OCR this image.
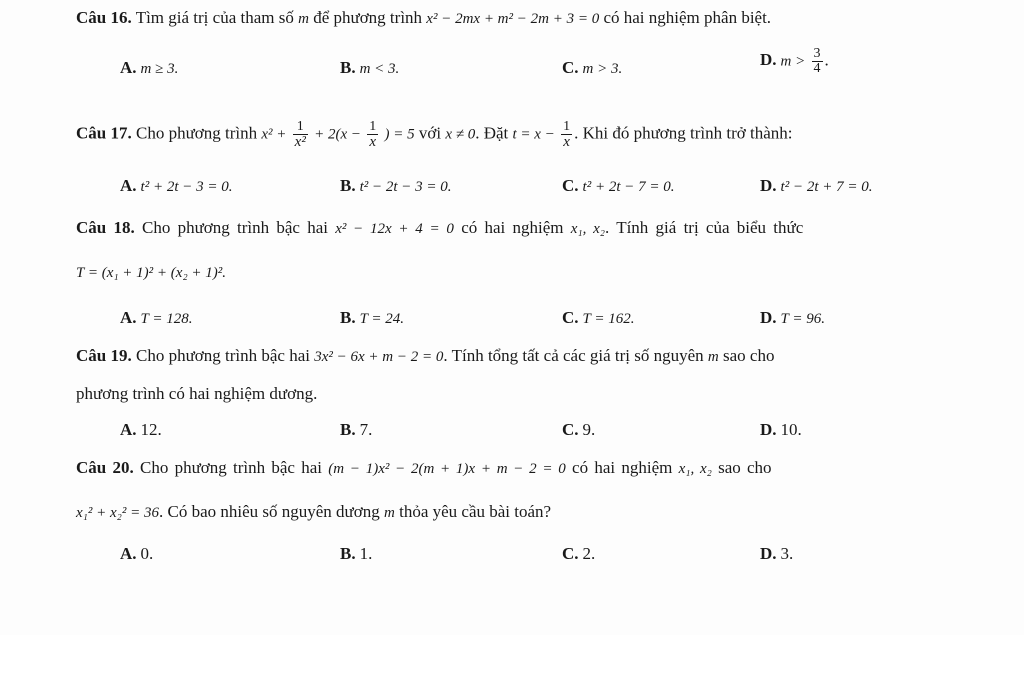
Câu 16. Tìm giá trị của tham số m để phương trình x² − 2mx + m² − 2m + 3 = 0 có hai nghiệm phân biệt.
A. m ≥ 3.	B. m < 3.	C. m > 3.	D. $m > \frac{3}{4}$ .
Câu 17. Cho phương trình $x^2 + \frac{1}{\text{x²}} + 2(x - \frac{1}{x}$ ) = 5 với x ≠ 0. Đặt $t = x - \frac{1}{x}$ . Khi đó phương trình trở thành:
A. t² + 2t − 3 = 0.	B. t² − 2t − 3 = 0.	C. t² + 2t − 7 = 0.	D. t² − 2t + 7 = 0.
Câu 18. Cho phương trình bậc hai x² − 12x + 4 = 0 có hai nghiệm x₁, x₂. Tính giá trị của biểu thức
T = (x₁ + 1)² + (x₂ + 1)².
A. T = 128.	B. T = 24.	C. T = 162.	D. T = 96.
Câu 19. Cho phương trình bậc hai 3x² − 6x + m − 2 = 0. Tính tổng tất cả các giá trị số nguyên m sao cho
phương trình có hai nghiệm dương.
A. 12.	B. 7.	C. 9.	D. 10.
Câu 20. Cho phương trình bậc hai (m − 1)x² − 2(m + 1)x + m − 2 = 0 có hai nghiệm x₁, x₂ sao cho
x₁² + x₂² = 36. Có bao nhiêu số nguyên dương m thỏa yêu cầu bài toán?
A. 0.	B. 1.	C. 2.	D. 3.
